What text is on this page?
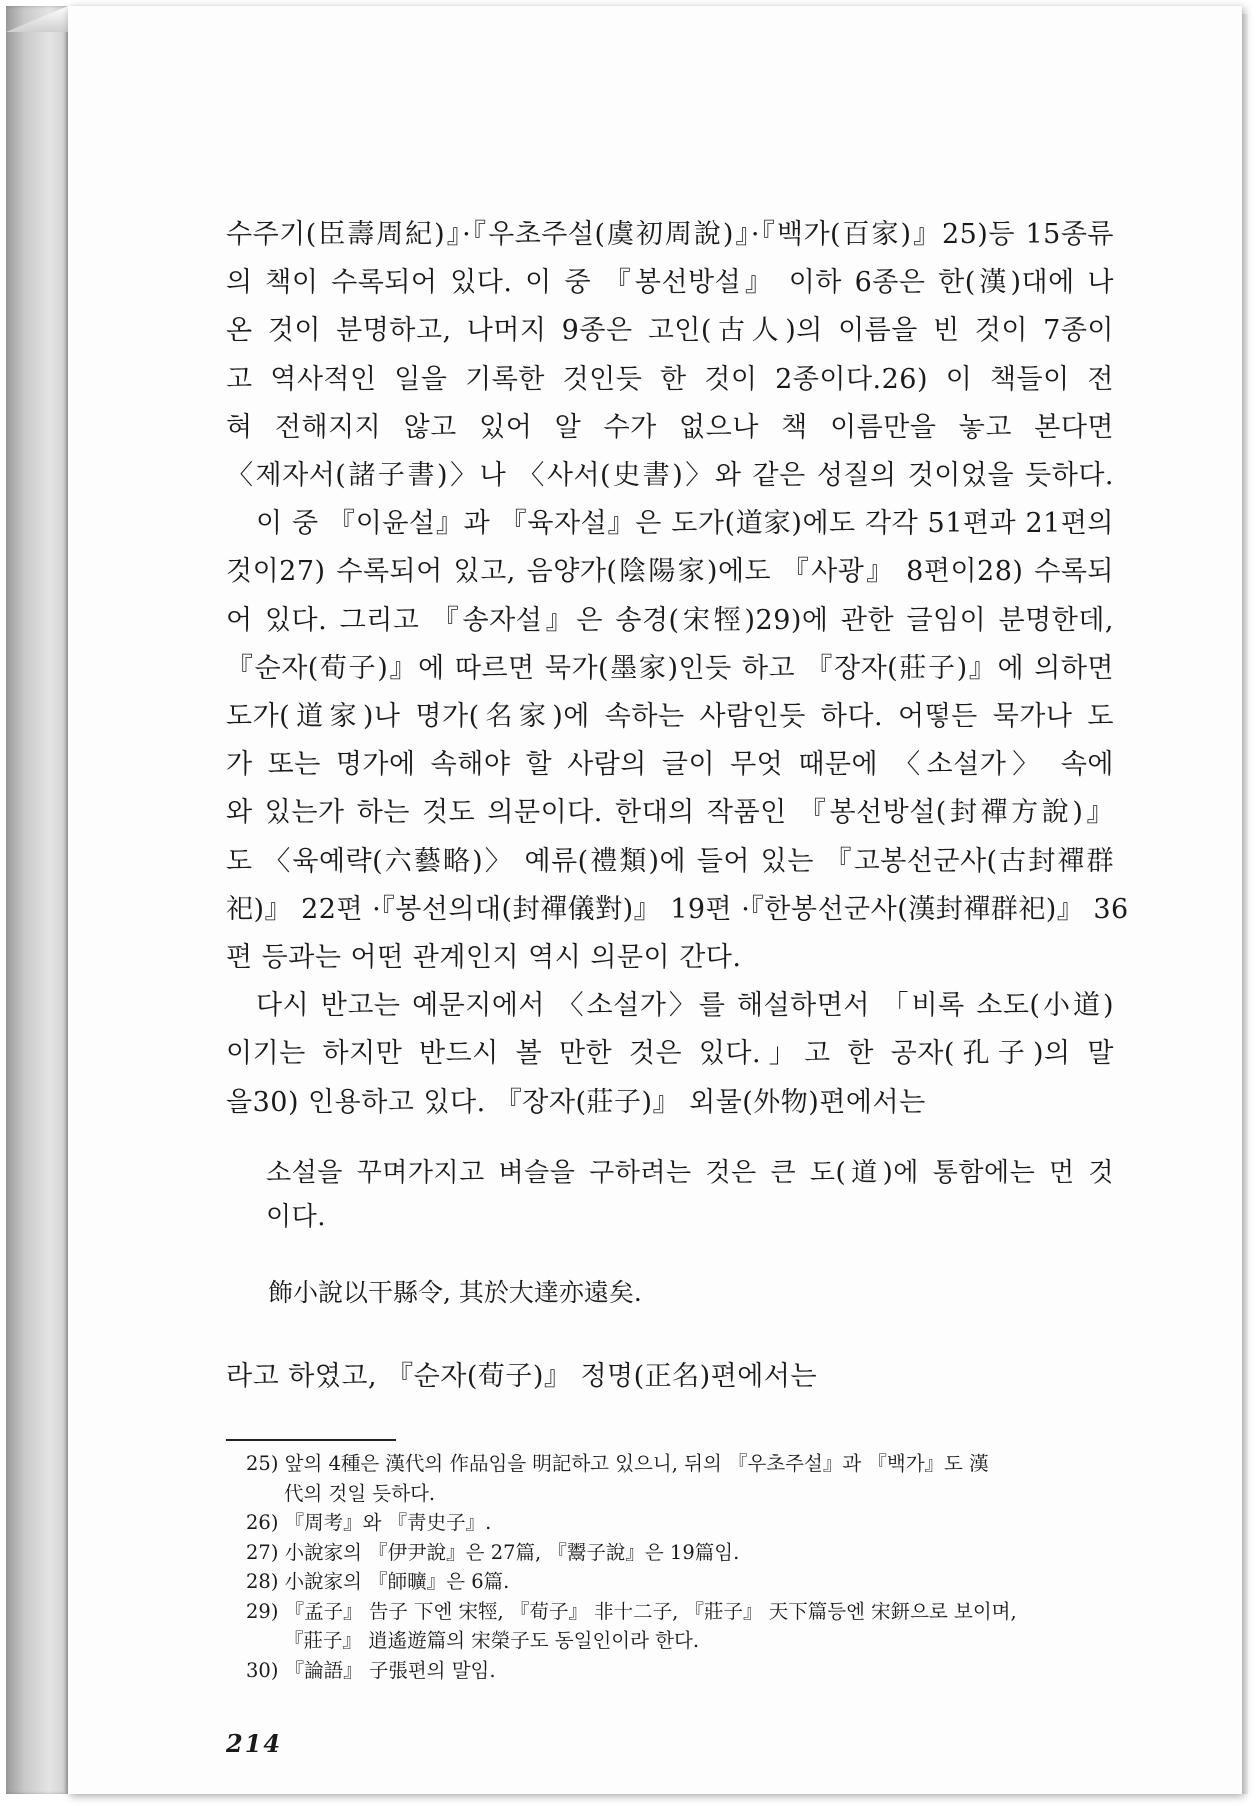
수주기(臣壽周紀)』·『우초주설(虞初周說)』·『백가(百家)』25)등 15종류
의 책이 수록되어 있다. 이 중 『봉선방설』 이하 6종은 한(漢)대에 나
온 것이 분명하고, 나머지 9종은 고인(古人)의 이름을 빈 것이 7종이
고 역사적인 일을 기록한 것인듯 한 것이 2종이다.26) 이 책들이 전
혀 전해지지 않고 있어 알 수가 없으나 책 이름만을 놓고 본다면
〈제자서(諸子書)〉나 〈사서(史書)〉와 같은 성질의 것이었을 듯하다.
이 중 『이윤설』과 『육자설』은 도가(道家)에도 각각 51편과 21편의
것이27) 수록되어 있고, 음양가(陰陽家)에도 『사광』 8편이28) 수록되
어 있다. 그리고 『송자설』은 송경(宋牼)29)에 관한 글임이 분명한데,
『순자(荀子)』에 따르면 묵가(墨家)인듯 하고 『장자(莊子)』에 의하면
도가(道家)나 명가(名家)에 속하는 사람인듯 하다. 어떻든 묵가나 도
가 또는 명가에 속해야 할 사람의 글이 무엇 때문에 〈소설가〉 속에
와 있는가 하는 것도 의문이다. 한대의 작품인 『봉선방설(封禪方說)』
도 〈육예략(六藝略)〉 예류(禮類)에 들어 있는 『고봉선군사(古封禪群
祀)』 22편 ·『봉선의대(封禪儀對)』 19편 ·『한봉선군사(漢封禪群祀)』 36
편 등과는 어떤 관계인지 역시 의문이 간다.
다시 반고는 예문지에서 〈소설가〉를 해설하면서 「비록 소도(小道)
이기는 하지만 반드시 볼 만한 것은 있다.」고 한 공자(孔子)의 말
을30) 인용하고 있다. 『장자(莊子)』 외물(外物)편에서는
소설을 꾸며가지고 벼슬을 구하려는 것은 큰 도(道)에 통함에는 먼 것
이다.
飾小說以干縣令, 其於大達亦遠矣.
라고 하였고, 『순자(荀子)』 정명(正名)편에서는
25) 앞의 4種은 漢代의 作品임을 明記하고 있으니, 뒤의 『우초주설』과 『백가』도 漢
代의 것일 듯하다.
26) 『周考』와 『靑史子』.
27) 小說家의 『伊尹說』은 27篇, 『鬻子說』은 19篇임.
28) 小說家의 『師曠』은 6篇.
29) 『孟子』 告子 下엔 宋牼, 『荀子』 非十二子, 『莊子』 天下篇등엔 宋鈃으로 보이며,
『莊子』 逍遙遊篇의 宋榮子도 동일인이라 한다.
30) 『論語』 子張편의 말임.
214
